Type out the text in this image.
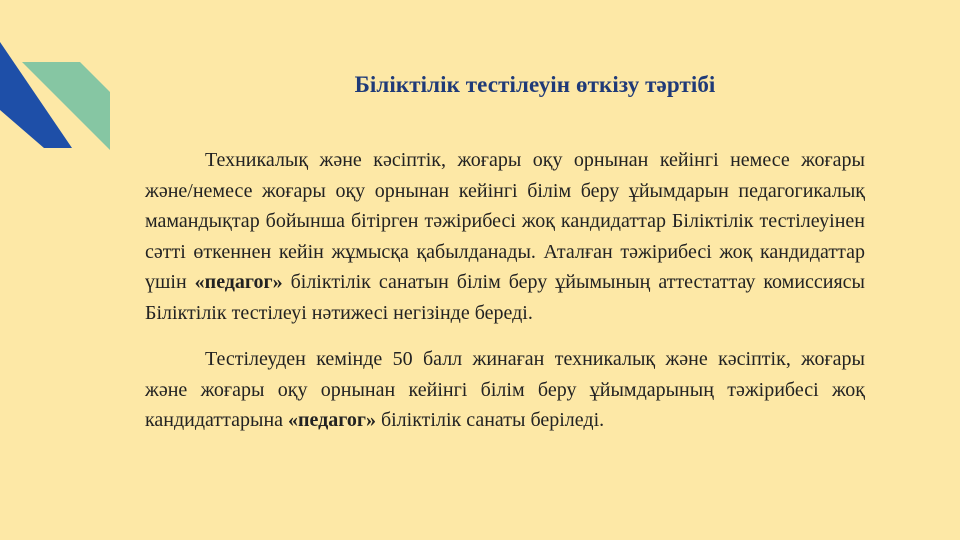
Біліктілік тестілеуін өткізу тәртібі

Техникалық және кәсіптік, жоғары оқу орнынан кейінгі немесе жоғары және/немесе жоғары оқу орнынан кейінгі білім беру ұйымдарын педагогикалық мамандықтар бойынша бітірген тәжірибесі жоқ кандидаттар Біліктілік тестілеуінен сәтті өткеннен кейін жұмысқа қабылданады. Аталған тәжірибесі жоқ кандидаттар үшін «педагог» біліктілік санатын білім беру ұйымының аттестаттау комиссиясы Біліктілік тестілеуі нәтижесі негізінде береді.

Тестілеуден кемінде 50 балл жинаған техникалық және кәсіптік, жоғары және жоғары оқу орнынан кейінгі білім беру ұйымдарының тәжірибесі жоқ кандидаттарына «педагог» біліктілік санаты беріледі.
